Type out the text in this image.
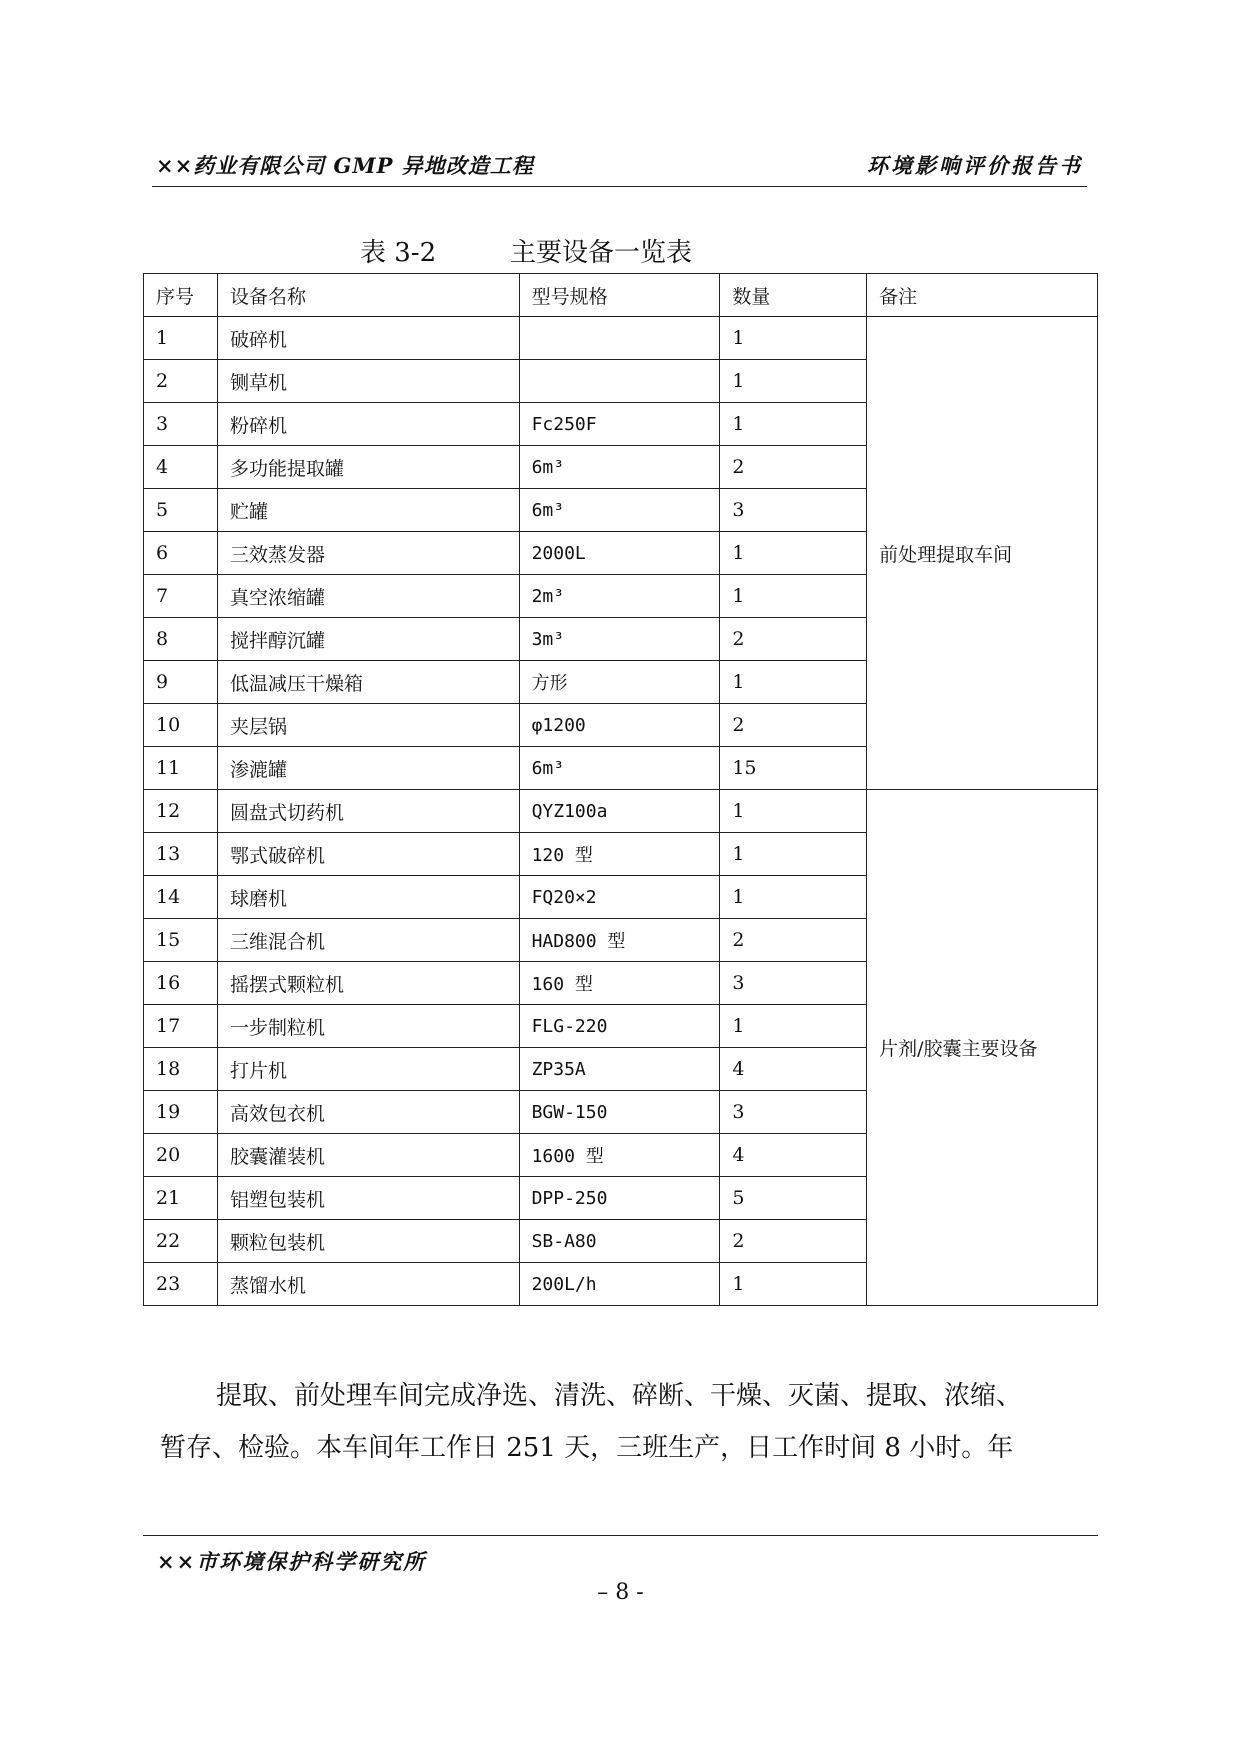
××药业有限公司 GMP 异地改造工程	环境影响评价报告书
表 3-2	主要设备一览表
序号	设备名称	型号规格	数量	备注
1	破碎机		1	前处理提取车间
2	铡草机		1	
3	粉碎机	Fc250F	1	
4	多功能提取罐	6m³	2	
5	贮罐	6m³	3	
6	三效蒸发器	2000L	1	
7	真空浓缩罐	2m³	1	
8	搅拌醇沉罐	3m³	2	
9	低温减压干燥箱	方形	1	
10	夹层锅	φ1200	2	
11	渗漉罐	6m³	15	
12	圆盘式切药机	QYZ100a	1	片剂/胶囊主要设备
13	鄂式破碎机	120 型	1	
14	球磨机	FQ20×2	1	
15	三维混合机	HAD800 型	2	
16	摇摆式颗粒机	160 型	3	
17	一步制粒机	FLG-220	1	
18	打片机	ZP35A	4	
19	高效包衣机	BGW-150	3	
20	胶囊灌装机	1600 型	4	
21	铝塑包装机	DPP-250	5	
22	颗粒包装机	SB-A80	2	
23	蒸馏水机	200L/h	1	

提取、前处理车间完成净选、清洗、碎断、干燥、灭菌、提取、浓缩、

暂存、检验。本车间年工作日 251 天，三班生产，日工作时间 8 小时。年

××市环境保护科学研究所
– 8 -
